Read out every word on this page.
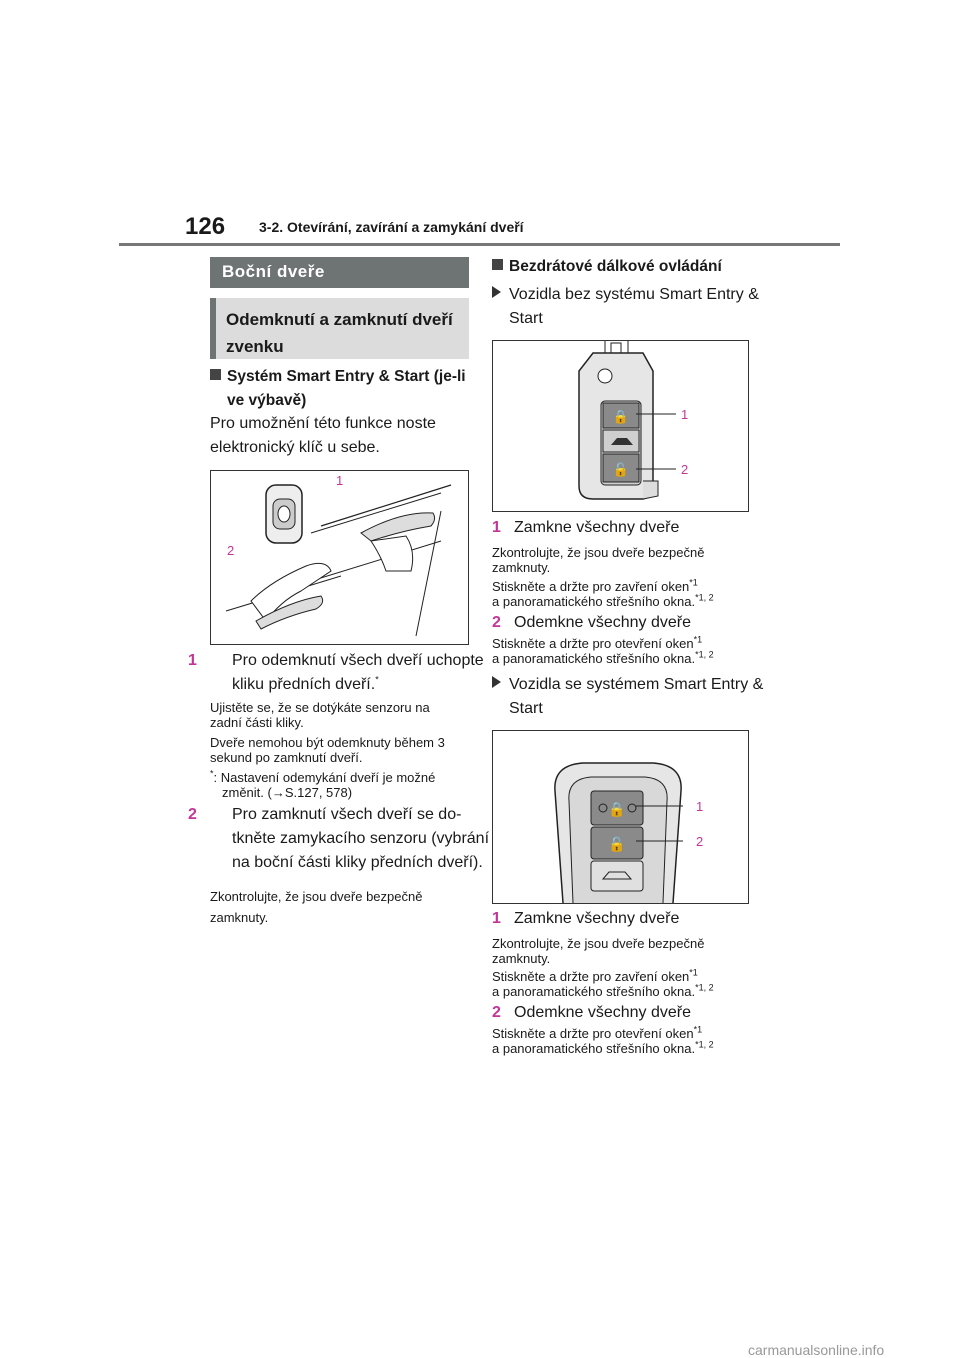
126 3-2. Otevírání, zavírání a zamykání dveří
Boční dveře
Odemknutí a zamknutí dveří zvenku
Systém Smart Entry & Start (je-li ve výbavě)
Pro umožnění této funkce noste elektronický klíč u sebe.
1
2
1 Pro odemknutí všech dveří uchopte kliku předních dveří.*
Ujistěte se, že se dotýkáte senzoru na zadní části kliky.
Dveře nemohou být odemknuty během 3 sekund po zamknutí dveří.
*: Nastavení odemykání dveří je možné změnit. (→S.127, 578)
2 Pro zamknutí všech dveří se dotkněte zamykacího senzoru (vybrání na boční části kliky předních dveří).
Zkontrolujte, že jsou dveře bezpečně zamknuty.
Bezdrátové dálkové ovládání
Vozidla bez systému Smart Entry & Start
🔒
🔓
1
2
1 Zamkne všechny dveře
Zkontrolujte, že jsou dveře bezpečně zamknuty.
Stiskněte a držte pro zavření oken$^{*1}$
a panoramatického střešního okna.$^{*1, 2}$
2 Odemkne všechny dveře
Stiskněte a držte pro otevření oken$^{*1}$
a panoramatického střešního okna.$^{*1, 2}$
Vozidla se systémem Smart Entry & Start
🔒
🔓
1
2
1 Zamkne všechny dveře
Zkontrolujte, že jsou dveře bezpečně zamknuty.
Stiskněte a držte pro zavření oken$^{*1}$
a panoramatického střešního okna.$^{*1, 2}$
2 Odemkne všechny dveře
Stiskněte a držte pro otevření oken$^{*1}$
a panoramatického střešního okna.$^{*1, 2}$
carmanualsonline.info
